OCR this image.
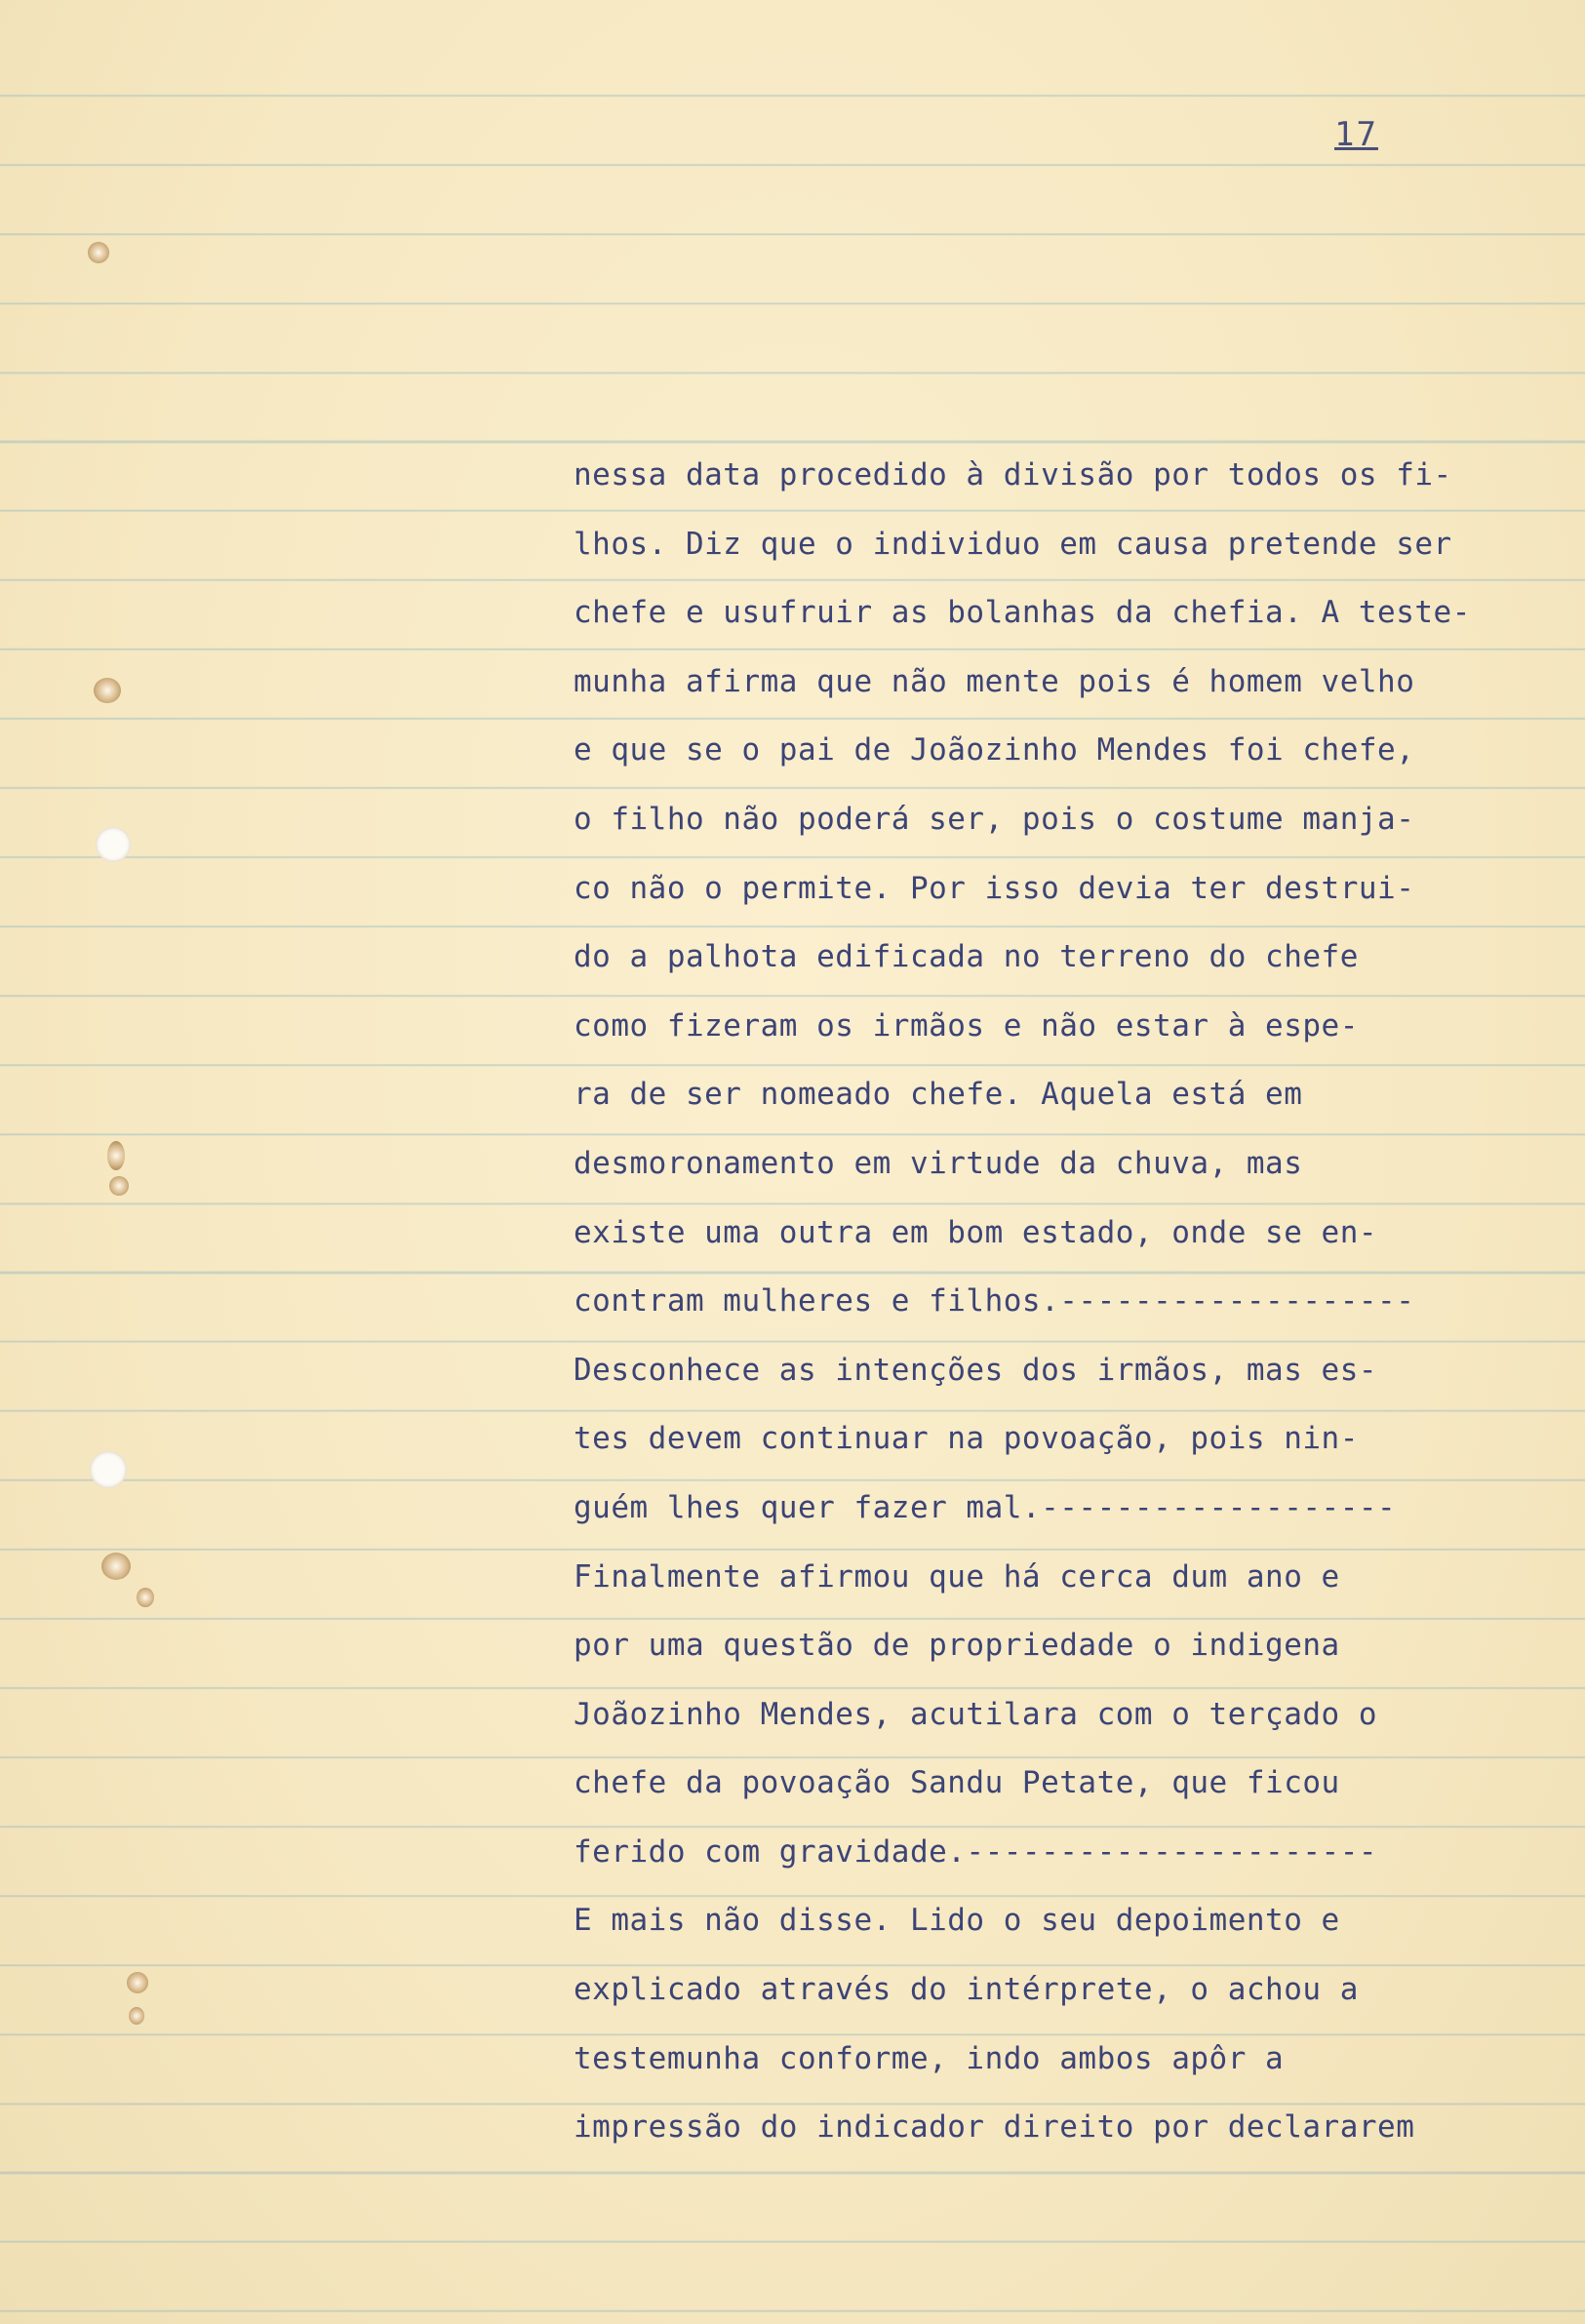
17
nessa data procedido à divisão por todos os fi-
lhos. Diz que o individuo em causa pretende ser
chefe e usufruir as bolanhas da chefia. A teste-
munha afirma que não mente pois é homem velho
e que se o pai de Joãozinho Mendes foi chefe,
o filho não poderá ser, pois o costume manja-
co não o permite. Por isso devia ter destrui-
do a palhota edificada no terreno do chefe
como fizeram os irmãos e não estar à espe-
ra de ser nomeado chefe. Aquela está em
desmoronamento em virtude da chuva, mas
existe uma outra em bom estado, onde se en-
contram mulheres e filhos.-------------------
Desconhece as intenções dos irmãos, mas es-
tes devem continuar na povoação, pois nin-
guém lhes quer fazer mal.-------------------
Finalmente afirmou que há cerca dum ano e
por uma questão de propriedade o indigena
Joãozinho Mendes, acutilara com o terçado o
chefe da povoação Sandu Petate, que ficou
ferido com gravidade.----------------------
E mais não disse. Lido o seu depoimento e
explicado através do intérprete, o achou a
testemunha conforme, indo ambos apôr a
impressão do indicador direito por declararem
